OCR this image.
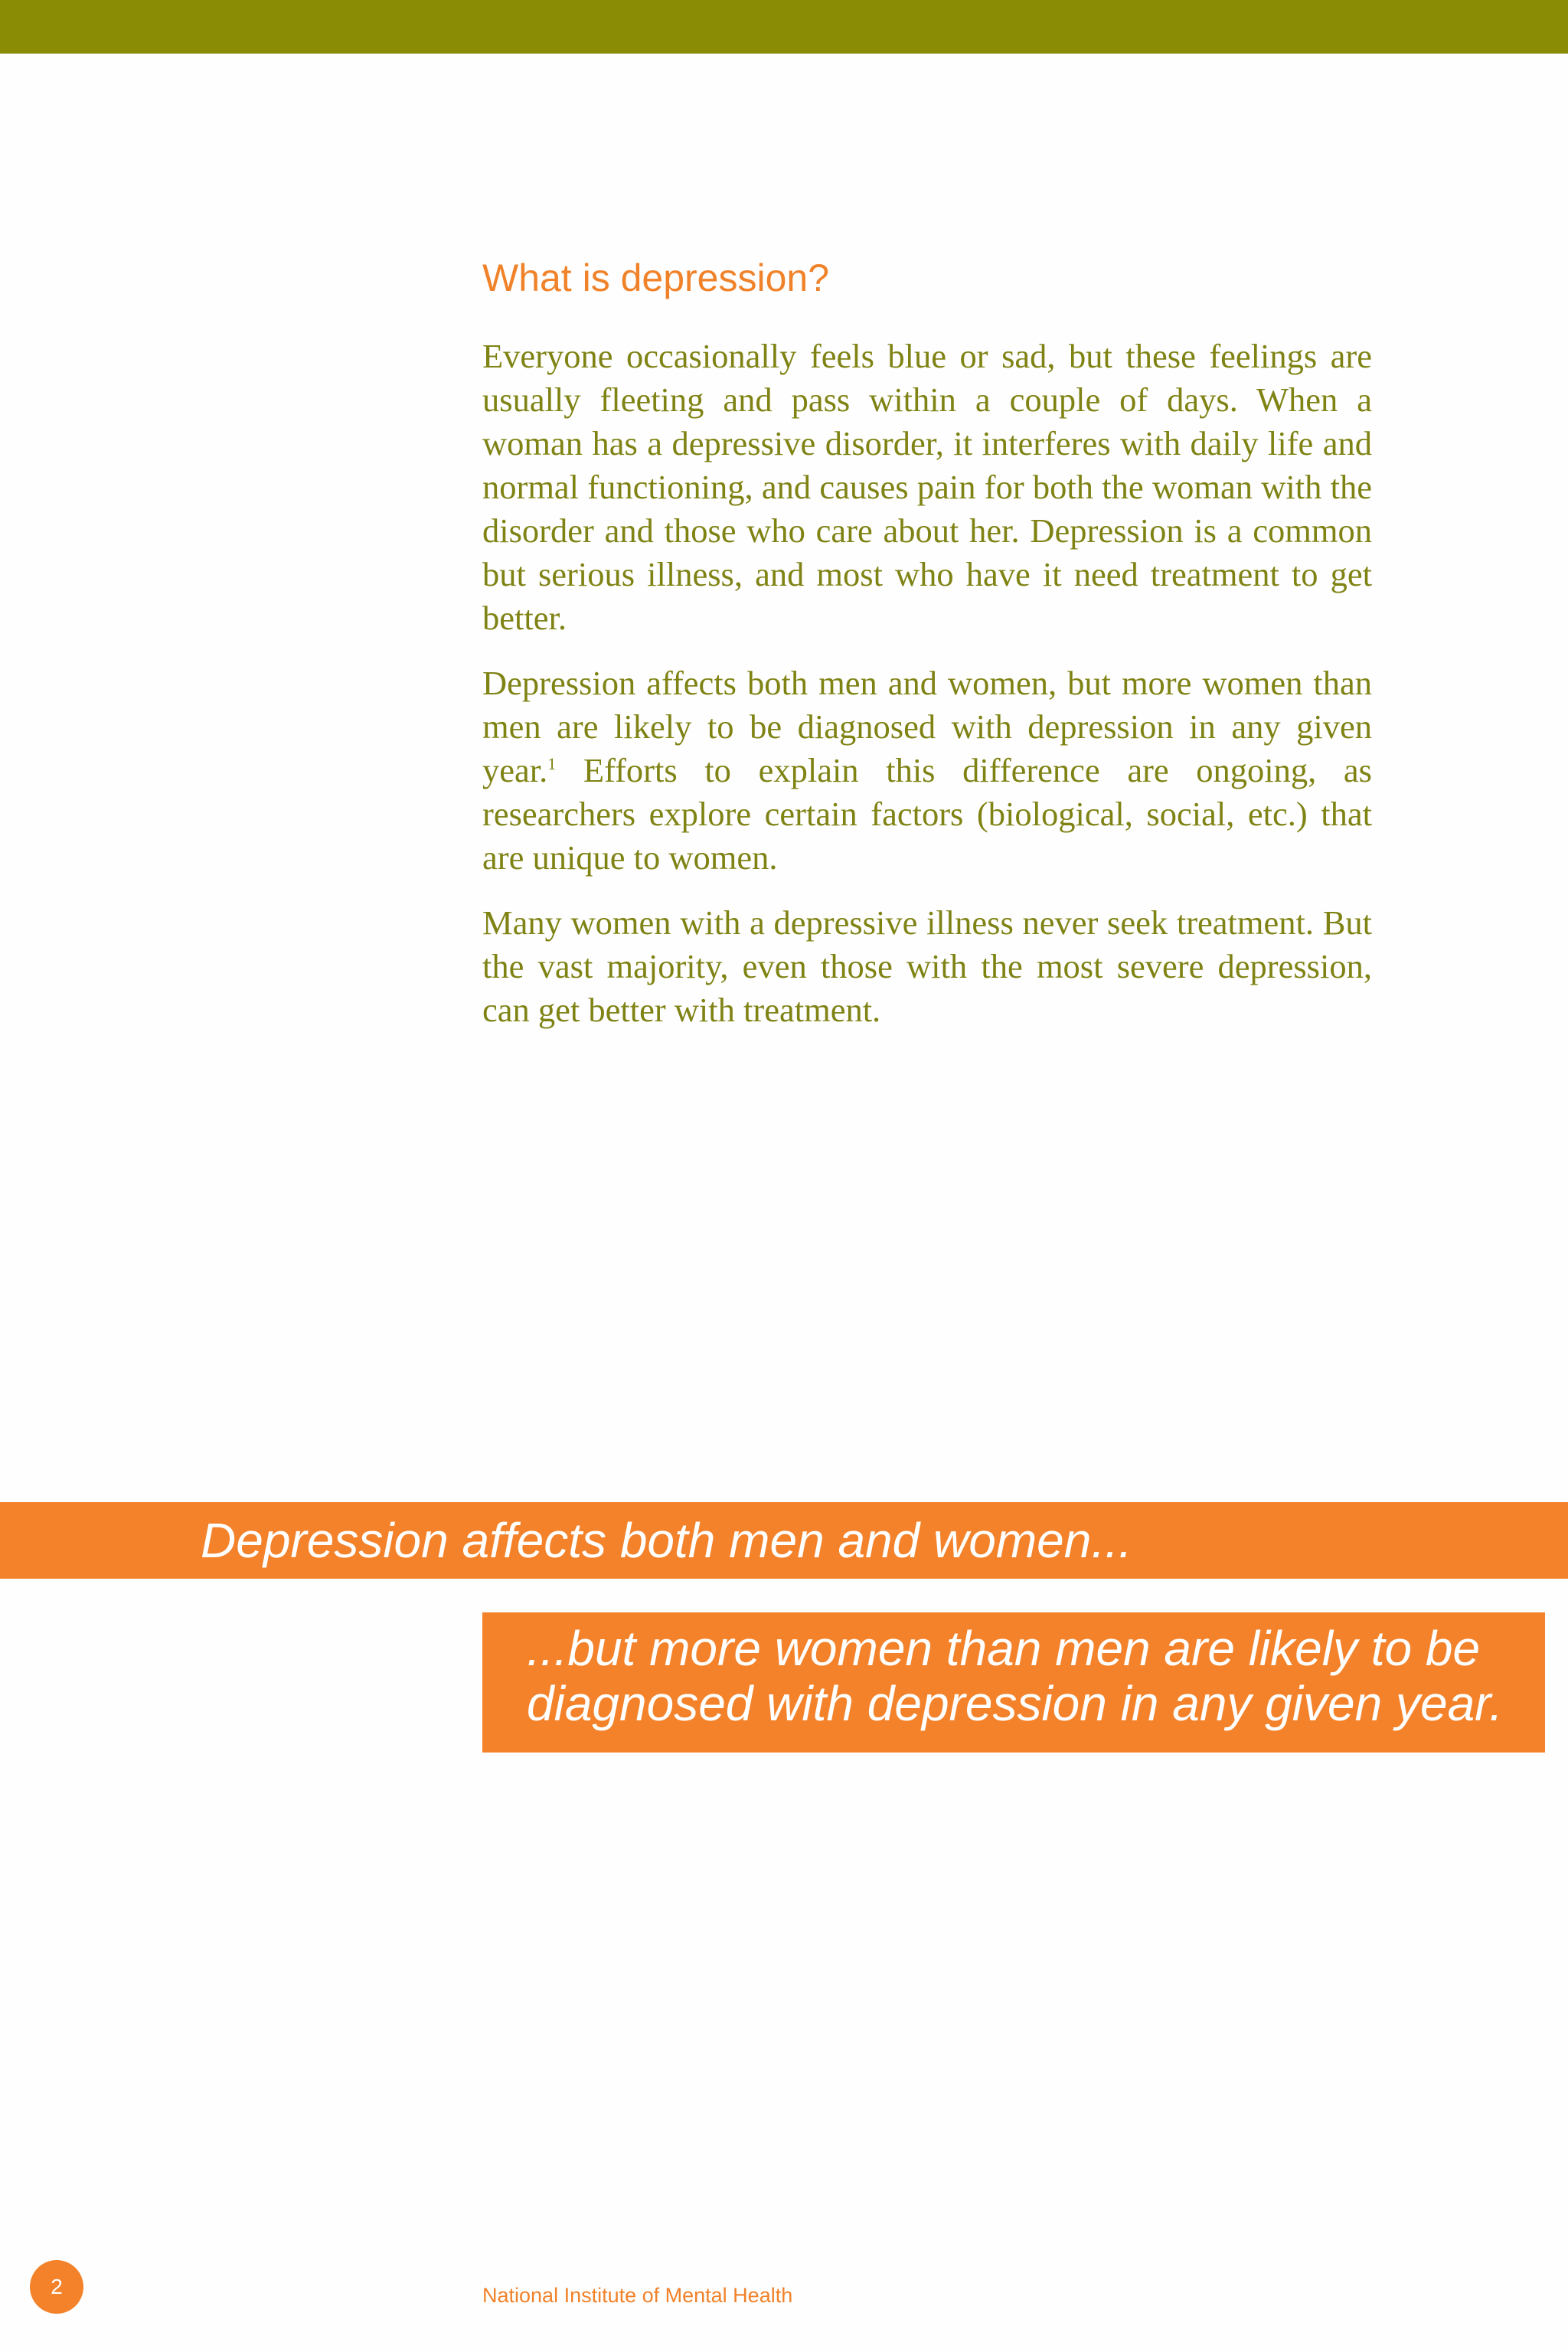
What is depression?

Everyone occasionally feels blue or sad, but these feelings are usually fleeting and pass within a couple of days. When a woman has a depressive disorder, it interferes with daily life and normal functioning, and causes pain for both the woman with the disorder and those who care about her. Depression is a common but serious illness, and most who have it need treatment to get better.

Depression affects both men and women, but more women than men are likely to be diagnosed with depression in any given year.$^1$ Efforts to explain this difference are ongoing, as researchers explore certain factors (biological, social, etc.) that are unique to women.

Many women with a depressive illness never seek treatment. But the vast majority, even those with the most severe depression, can get better with treatment.

Depression affects both men and women...
...but more women than men are likely to be diagnosed with depression in any given year.
2	National Institute of Mental Health
